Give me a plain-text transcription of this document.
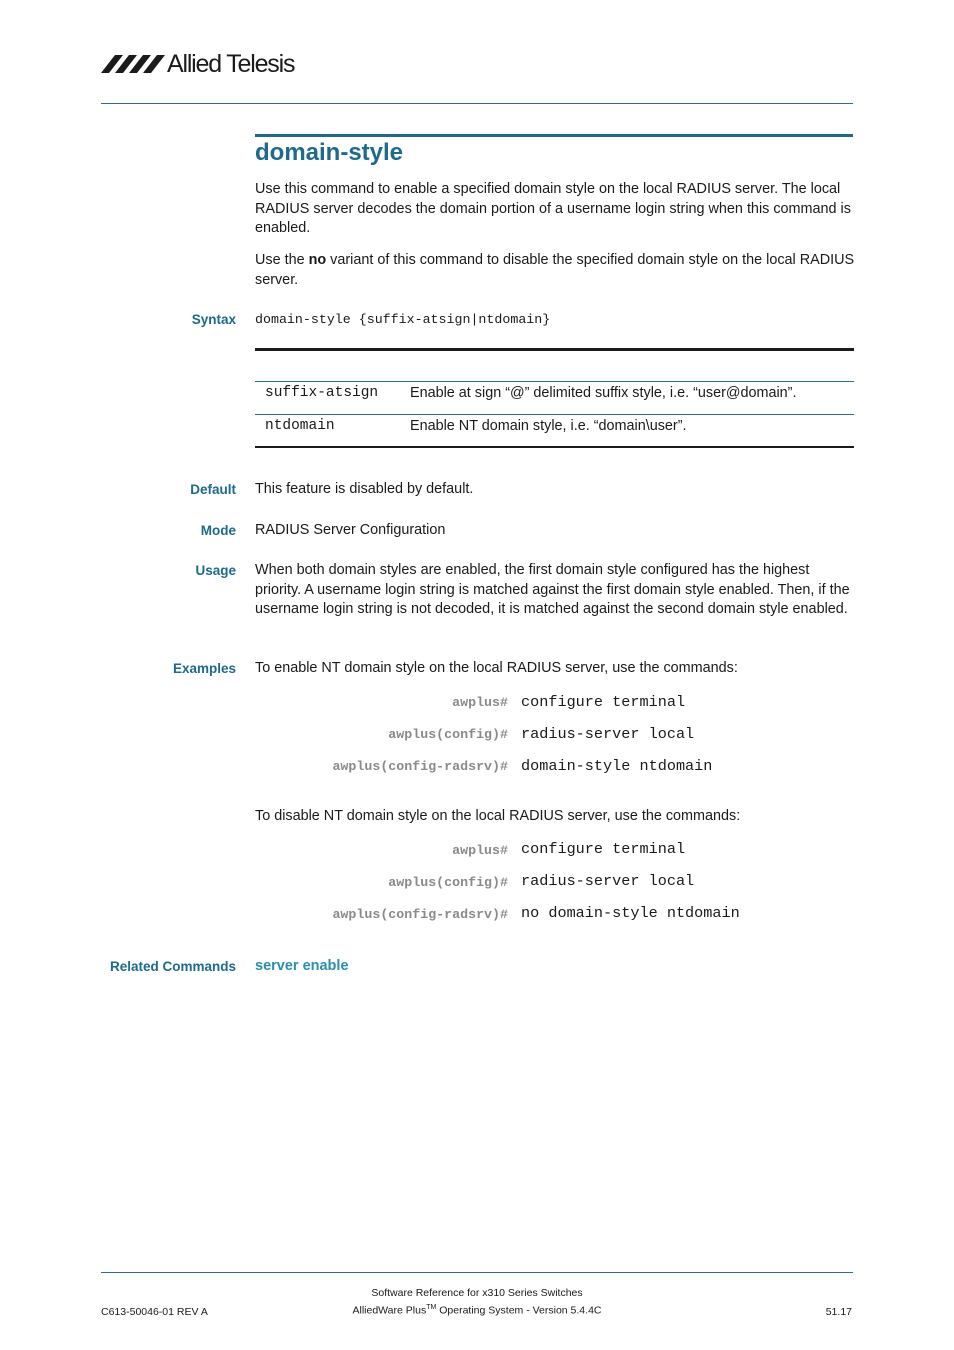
Allied Telesis
domain-style
Use this command to enable a specified domain style on the local RADIUS server. The local RADIUS server decodes the domain portion of a username login string when this command is enabled.
Use the no variant of this command to disable the specified domain style on the local RADIUS server.
Syntax domain-style {suffix-atsign|ntdomain}
suffix-atsign Enable at sign “@” delimited suffix style, i.e. “user@domain”.
ntdomain	Enable NT domain style, i.e. “domain\user”.
Default This feature is disabled by default.
Mode RADIUS Server Configuration
Usage When both domain styles are enabled, the first domain style configured has the highest priority. A username login string is matched against the first domain style enabled. Then, if the username login string is not decoded, it is matched against the second domain style enabled.
Examples To enable NT domain style on the local RADIUS server, use the commands:
awplus# configure terminal
awplus(config)# radius-server local
awplus(config-radsrv)# domain-style ntdomain
To disable NT domain style on the local RADIUS server, use the commands:
awplus# configure terminal
awplus(config)# radius-server local
awplus(config-radsrv)# no domain-style ntdomain
Related Commands server enable
Software Reference for x310 Series Switches
C613-50046-01 REV A	AlliedWare Plus™ Operating System - Version 5.4.4C	51.17
